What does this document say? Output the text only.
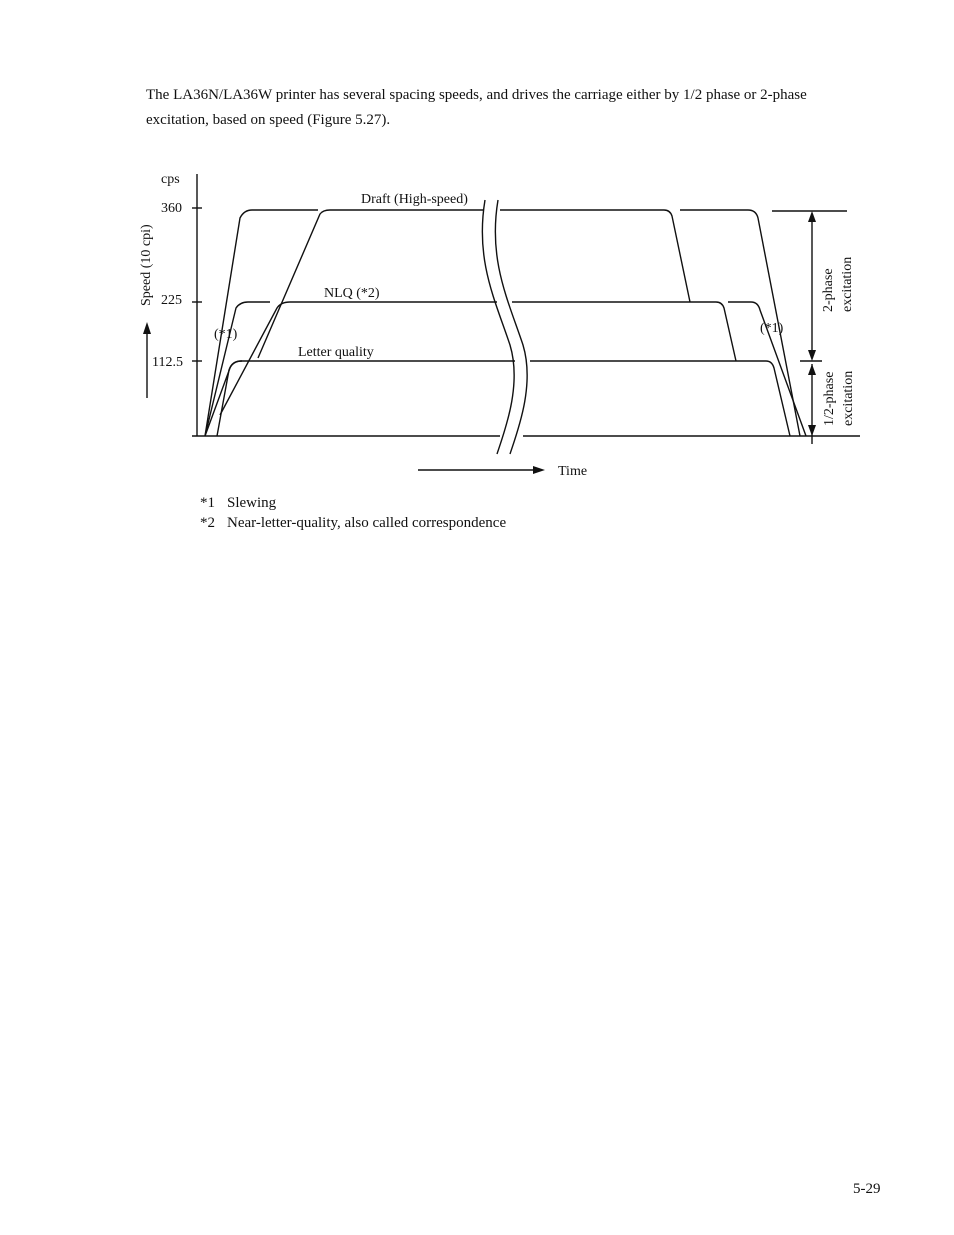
The LA36N/LA36W printer has several spacing speeds, and drives the carriage either by 1/2 phase or 2-phase excitation, based on speed (Figure 5.27).

cps
360
225
112.5
Speed (10 cpi)
Draft (High-speed)
NLQ (*2)
Letter quality
(*1)	(*1)
Time
2-phase excitation
1/2-phase excitation
*1 Slewing
*2 Near-letter-quality, also called correspondence
5-29
